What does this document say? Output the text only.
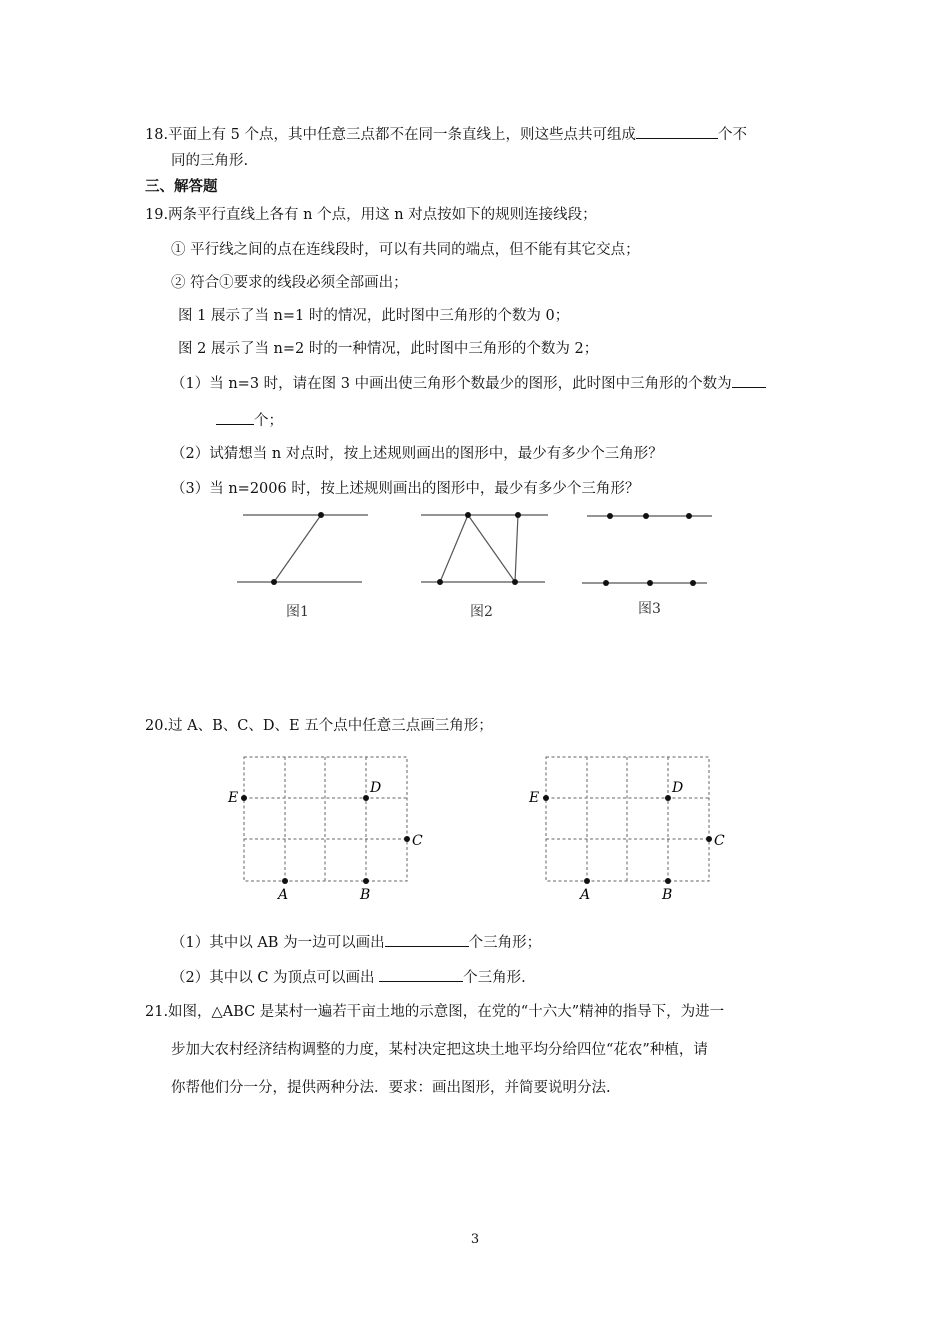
18.平面上有 5 个点，其中任意三点都不在同一条直线上，则这些点共可组成	个不
同的三角形.
三、解答题
19.两条平行直线上各有 n 个点，用这 n 对点按如下的规则连接线段；
① 平行线之间的点在连线段时，可以有共同的端点，但不能有其它交点；
② 符合①要求的线段必须全部画出；
图 1 展示了当 n=1 时的情况，此时图中三角形的个数为 0；
图 2 展示了当 n=2 时的一种情况，此时图中三角形的个数为 2；
（1）当 n=3 时，请在图 3 中画出使三角形个数最少的图形，此时图中三角形的个数为
个；
（2）试猜想当 n 对点时，按上述规则画出的图形中，最少有多少个三角形？
（3）当 n=2006 时，按上述规则画出的图形中，最少有多少个三角形？
图1	图2	图3
20.过 A、B、C、D、E 五个点中任意三点画三角形；
E
D
C
A	B
E
D
C
A	B
（1）其中以 AB 为一边可以画出	个三角形；
（2）其中以 C 为顶点可以画出	个三角形.
21.如图，△ABC 是某村一遍若干亩土地的示意图，在党的“十六大”精神的指导下，为进一
步加大农村经济结构调整的力度，某村决定把这块土地平均分给四位“花农”种植，请
你帮他们分一分，提供两种分法．要求：画出图形，并简要说明分法.
3
